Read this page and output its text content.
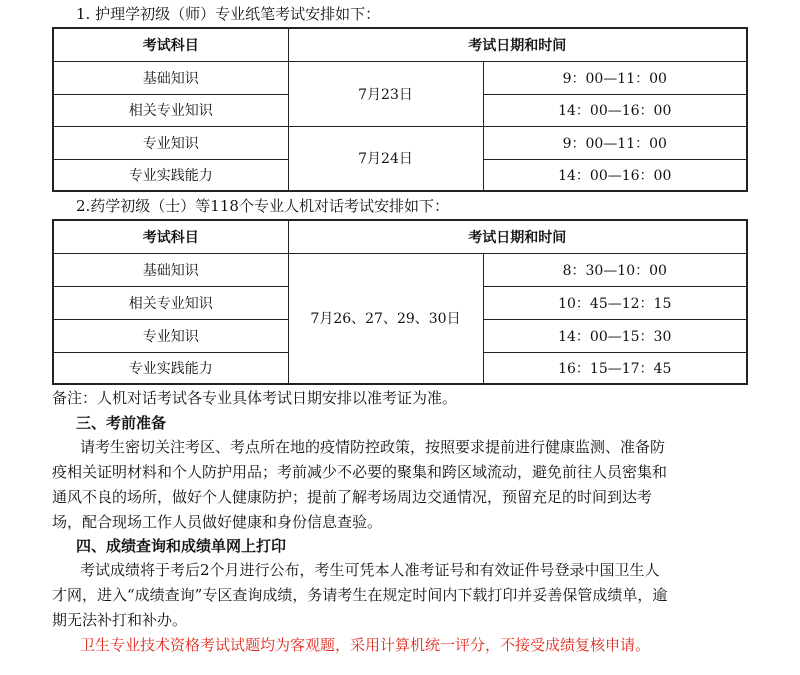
1. 护理学初级（师）专业纸笔考试安排如下：
考试科目	考试日期和时间	
基础知识	7月23日	9：00—11：00
相关专业知识		14：00—16：00
专业知识	7月24日	9：00—11：00
专业实践能力		14：00—16：00
2.药学初级（士）等118个专业人机对话考试安排如下：
考试科目	考试日期和时间	
基础知识	7月26、27、29、30日	8：30—10：00
相关专业知识		10：45—12：15
专业知识		14：00—15：30
专业实践能力		16：15—17：45
备注：人机对话考试各专业具体考试日期安排以准考证为准。
三、考前准备
请考生密切关注考区、考点所在地的疫情防控政策，按照要求提前进行健康监测、准备防
疫相关证明材料和个人防护用品；考前减少不必要的聚集和跨区域流动，避免前往人员密集和
通风不良的场所，做好个人健康防护；提前了解考场周边交通情况，预留充足的时间到达考
场，配合现场工作人员做好健康和身份信息查验。
四、成绩查询和成绩单网上打印
考试成绩将于考后2个月进行公布，考生可凭本人准考证号和有效证件号登录中国卫生人
才网，进入“成绩查询”专区查询成绩，务请考生在规定时间内下载打印并妥善保管成绩单，逾
期无法补打和补办。
卫生专业技术资格考试试题均为客观题，采用计算机统一评分，不接受成绩复核申请。
